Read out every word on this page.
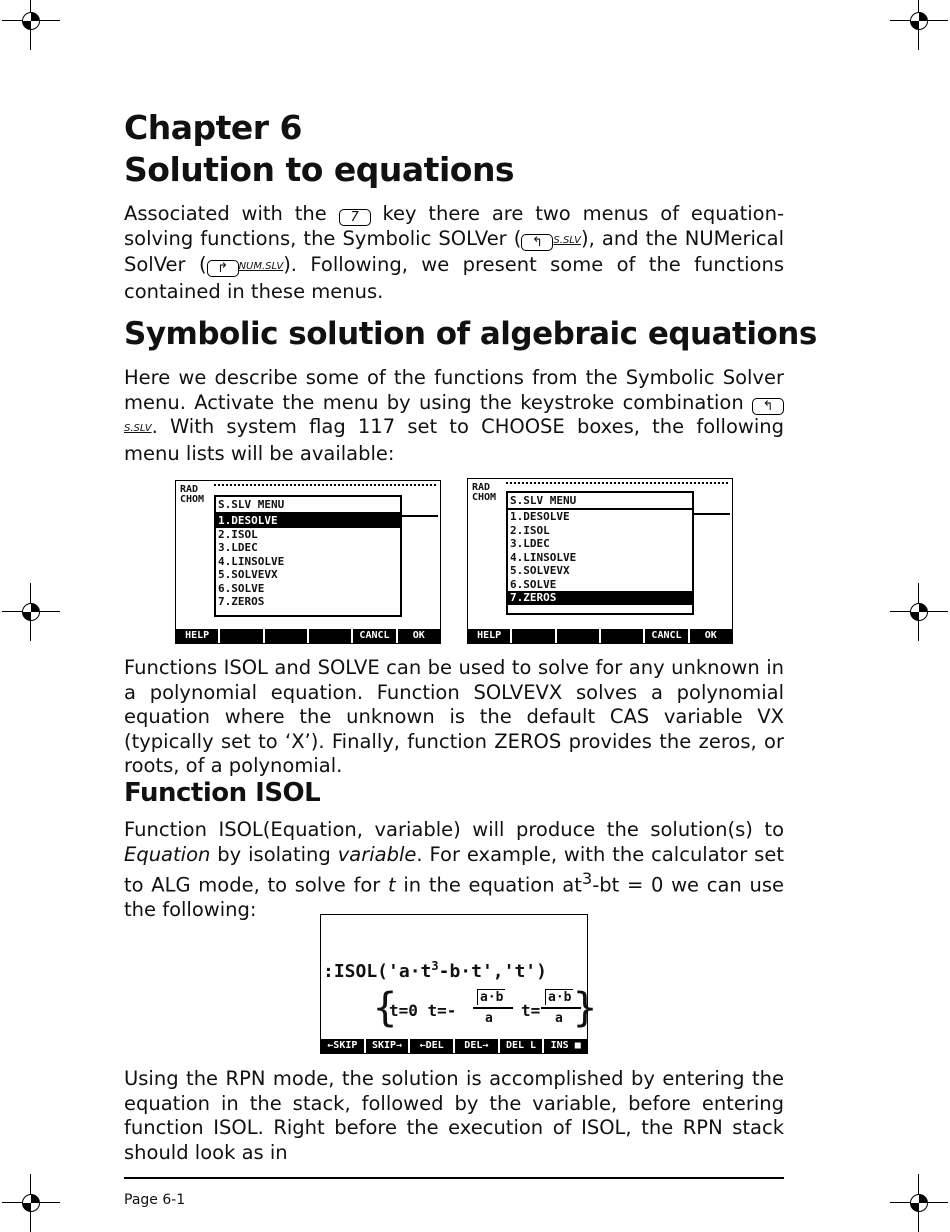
Chapter 6
Solution to equations

Associated with the 7 key there are two menus of equation-solving functions, the Symbolic SOLVer ( ↰ $^{S.SLV}$), and the NUMerical SolVer ( ↱ $^{NUM.SLV}$). Following, we present some of the functions contained in these menus.

Symbolic solution of algebraic equations

Here we describe some of the functions from the Symbolic Solver menu. Activate the menu by using the keystroke combination ↰$^{S.SLV}$. With system flag 117 set to CHOOSE boxes, the following menu lists will be available:

RAD
CHOM S.SLV MENU
1.DESOLVE
2.ISOL
3.LDEC
4.LINSOLVE
5.SOLVEVX
6.SOLVE
7.ZEROS
HELP	CANCL	OK
RAD
CHOM S.SLV MENU
1.DESOLVE
2.ISOL
3.LDEC
4.LINSOLVE
5.SOLVEVX
6.SOLVE
7.ZEROS
HELP	CANCL	OK

Functions ISOL and SOLVE can be used to solve for any unknown in a polynomial equation. Function SOLVEVX solves a polynomial equation where the unknown is the default CAS variable VX (typically set to ‘X’). Finally, function ZEROS provides the zeros, or roots, of a polynomial.

Function ISOL

Function ISOL(Equation, variable) will produce the solution(s) to Equation by isolating variable. For example, with the calculator set to ALG mode, to solve for t in the equation $at^3-bt = 0$ we can use the following:

$:ISOL('a\cdot t^3-b\cdot t','t')$
{
t=0 t=-
a·b
a t=
a·b
a }
←SKIP	SKIP→	←DEL	DEL→	DEL L	INS ■

Using the RPN mode, the solution is accomplished by entering the equation in the stack, followed by the variable, before entering function ISOL. Right before the execution of ISOL, the RPN stack should look as in

Page 6-1
